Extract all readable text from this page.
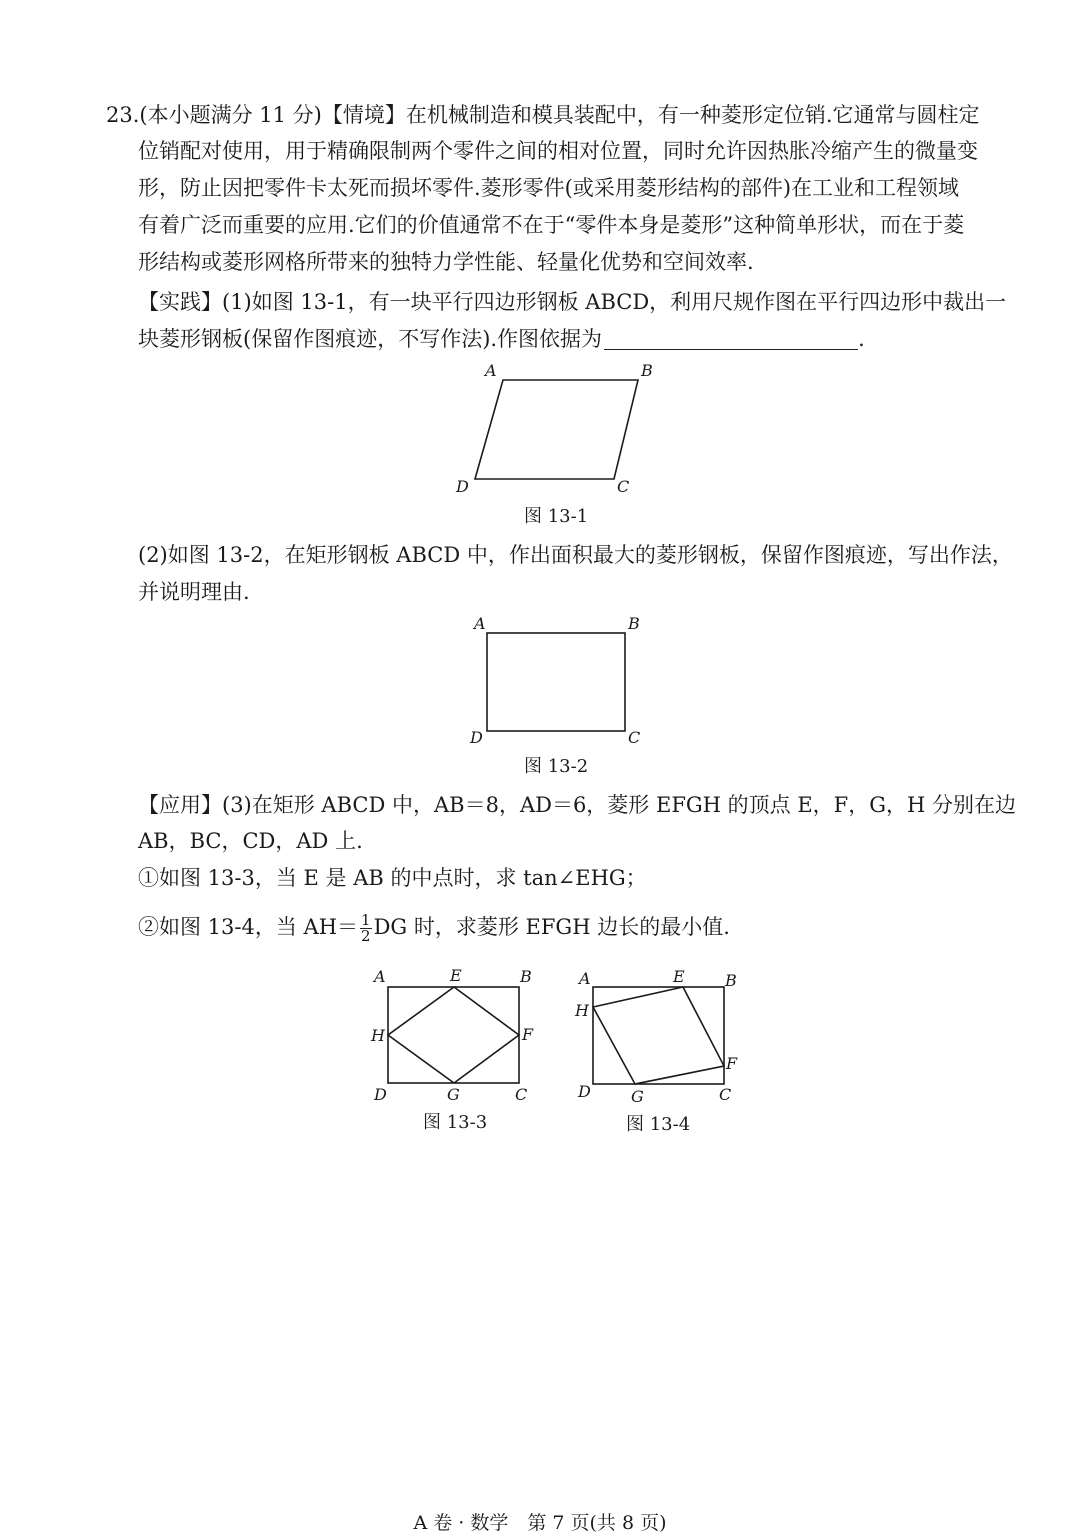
23.(本小题满分 11 分)【情境】在机械制造和模具装配中，有一种菱形定位销.它通常与圆柱定
位销配对使用，用于精确限制两个零件之间的相对位置，同时允许因热胀冷缩产生的微量变
形，防止因把零件卡太死而损坏零件.菱形零件(或采用菱形结构的部件)在工业和工程领域
有着广泛而重要的应用.它们的价值通常不在于“零件本身是菱形”这种简单形状，而在于菱
形结构或菱形网格所带来的独特力学性能、轻量化优势和空间效率.
【实践】(1)如图 13-1，有一块平行四边形钢板 ABCD，利用尺规作图在平行四边形中裁出一
块菱形钢板(保留作图痕迹，不写作法).作图依据为	.
A	B
C
D
图 13-1
(2)如图 13-2，在矩形钢板 ABCD 中，作出面积最大的菱形钢板，保留作图痕迹，写出作法，
并说明理由.
A	B
C
D
图 13-2
【应用】(3)在矩形 ABCD 中，AB＝8，AD＝6，菱形 EFGH 的顶点 E，F，G，H 分别在边
AB，BC，CD，AD 上.
①如图 13-3，当 E 是 AB 的中点时，求 tan∠EHG；
②如图 13-4，当 $AH= \frac{1}{2}$ DG 时，求菱形 EFGH 边长的最小值.
A	E	B
H	F
D	G	C
图 13-3
A	E	B
H
F
D	G	C
图 13-4
A 卷 · 数学　第 7 页(共 8 页)
